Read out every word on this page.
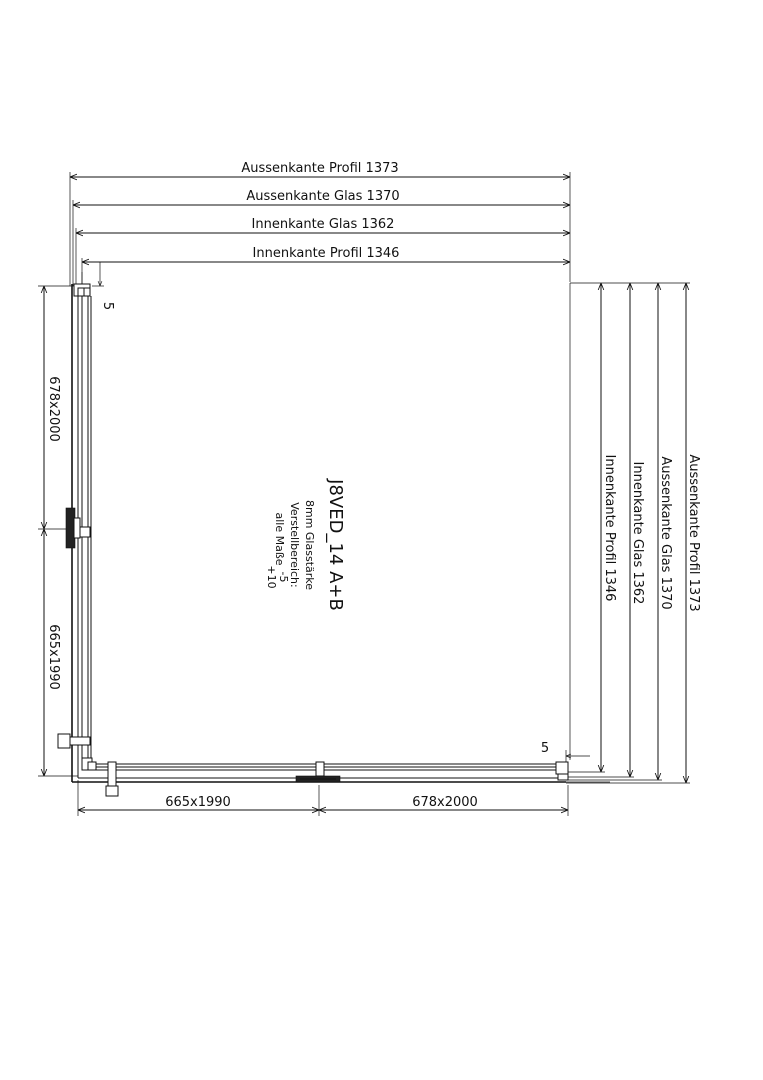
Aussenkante Profil 1373
Aussenkante Glas 1370
Innenkante Glas 1362
Innenkante Profil 1346
Innenkante Profil 1346 Innenkante Glas 1362 Aussenkante Glas 1370 Aussenkante Profil 1373
678x2000
665x1990
665x1990	678x2000
5
5
J8VED_14 A+B
8mm Glasstärke
Verstellbereich:
alle Maße
-5
+10
